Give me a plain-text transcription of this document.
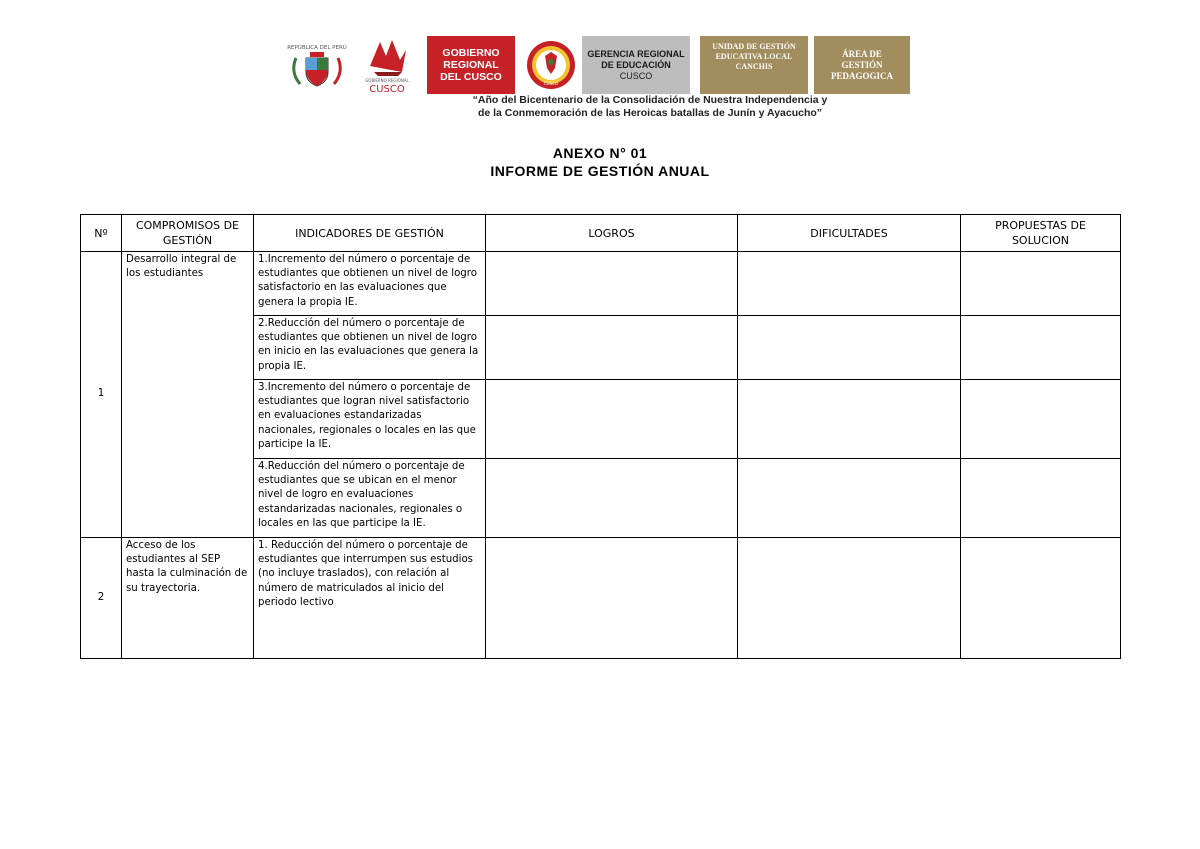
REPÚBLICA DEL PERÚ
GOBIERNO REGIONAL
CUSCO
GOBIERNO
REGIONAL
DEL CUSCO
CUSCO
GERENCIA REGIONAL
DE EDUCACIÓN
CUSCO
UNIDAD DE GESTIÓN
EDUCATIVA LOCAL
CANCHIS
ÁREA DE
GESTIÓN
PEDAGOGICA
“Año del Bicentenario de la Consolidación de Nuestra Independencia y
de la Conmemoración de las Heroicas batallas de Junín y Ayacucho”
ANEXO N° 01
INFORME DE GESTIÓN ANUAL
Nº	COMPROMISOS DE GESTIÓN	INDICADORES DE GESTIÓN	LOGROS	DIFICULTADES	PROPUESTAS DE SOLUCION
1	Desarrollo integral de los estudiantes	1.Incremento del número o porcentaje de estudiantes que obtienen un nivel de logro satisfactorio en las evaluaciones que genera la propia IE.			
		2.Reducción del número o porcentaje de estudiantes que obtienen un nivel de logro en inicio en las evaluaciones que genera la propia IE.			
		3.Incremento del número o porcentaje de estudiantes que logran nivel satisfactorio en evaluaciones estandarizadas nacionales, regionales o locales en las que participe la IE.			
		4.Reducción del número o porcentaje de estudiantes que se ubican en el menor nivel de logro en evaluaciones estandarizadas nacionales, regionales o locales en las que participe la IE.			
2	Acceso de los estudiantes al SEP hasta la culminación de su trayectoria.	1. Reducción del número o porcentaje de estudiantes que interrumpen sus estudios (no incluye traslados), con relación al número de matriculados al inicio del periodo lectivo			
